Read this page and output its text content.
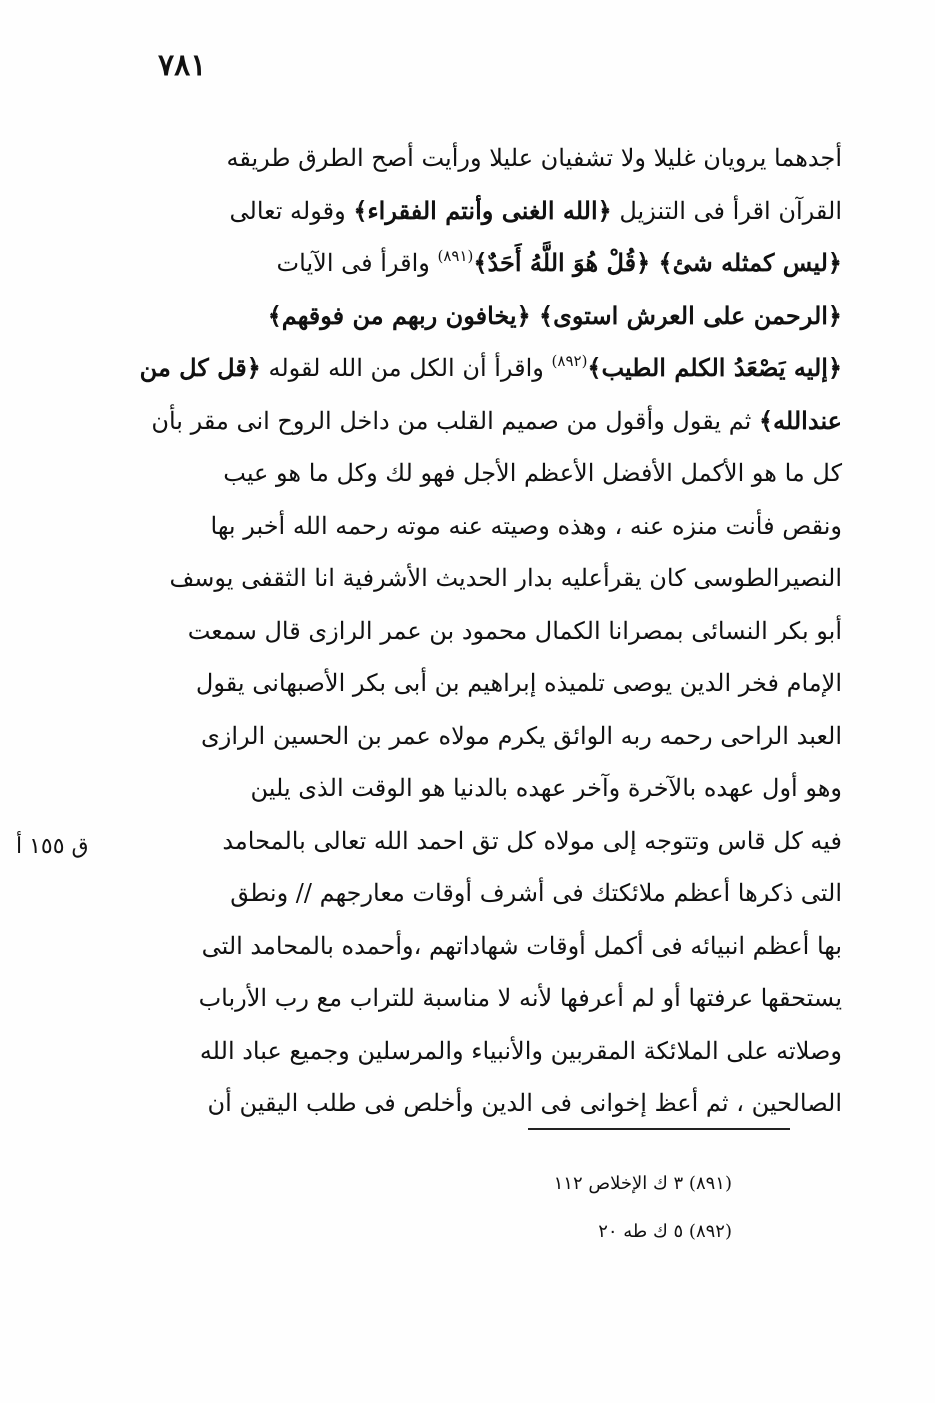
٧٨١
أجدهما يرويان غليلا ولا تشفيان عليلا ورأيت أصح الطرق طريقه
القرآن اقرأ فى التنزيل ﴿الله الغنى وأنتم الفقراء﴾ وقوله تعالى
﴿ليس كمثله شئ﴾ ﴿قُلْ هُوَ اللَّهُ أَحَدٌ﴾$^{(٨٩١)}$ واقرأ فى الآيات
﴿الرحمن على العرش استوى﴾ ﴿يخافون ربهم من فوقهم﴾
﴿إليه يَصْعَدُ الكلم الطيب﴾$^{(٨٩٢)}$ واقرأ أن الكل من الله لقوله ﴿قل كل من
عندالله﴾ ثم يقول وأقول من صميم القلب من داخل الروح انى مقر بأن
كل ما هو الأكمل الأفضل الأعظم الأجل فهو لك وكل ما هو عيب
ونقص فأنت منزه عنه ، وهذه وصيته عنه موته رحمه الله أخبر بها
النصيرالطوسى كان يقرأعليه بدار الحديث الأشرفية انا الثقفى يوسف
أبو بكر النسائى بمصرانا الكمال محمود بن عمر الرازى قال سمعت
الإمام فخر الدين يوصى تلميذه إبراهيم بن أبى بكر الأصبهانى يقول
العبد الراحى رحمه ربه الوائق يكرم مولاه عمر بن الحسين الرازى
وهو أول عهده بالآخرة وآخر عهده بالدنيا هو الوقت الذى يلين
فيه كل قاس وتتوجه إلى مولاه كل تق احمد الله تعالى بالمحامد
التى ذكرها أعظم ملائكتك فى أشرف أوقات معارجهم // ونطق
بها أعظم انبيائه فى أكمل أوقات شهاداتهم ،وأحمده بالمحامد التى
يستحقها عرفتها أو لم أعرفها لأنه لا مناسبة للتراب مع رب الأرباب
وصلاته على الملائكة المقربين والأنبياء والمرسلين وجميع عباد الله
الصالحين ، ثم أعظ إخوانى فى الدين وأخلص فى طلب اليقين أن
ق ١٥٥ أ
(٨٩١) ٣ ك الإخلاص ١١٢
(٨٩٢) ٥ ك طه ٢٠
